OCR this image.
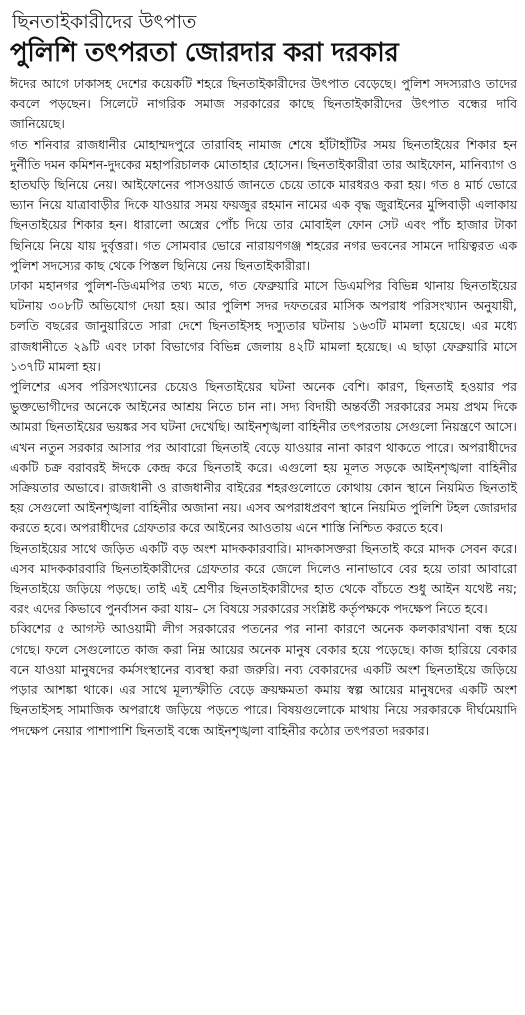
ছিনতাইকারীদের উৎপাত
পুলিশি তৎপরতা জোরদার করা দরকার

ঈদের আগে ঢাকাসহ দেশের কয়েকটি শহরে ছিনতাইকারীদের উৎপাত বেড়েছে। পুলিশ সদস্যরাও তাদের কবলে পড়ছেন। সিলেটে নাগরিক সমাজ সরকারের কাছে ছিনতাইকারীদের উৎপাত বন্ধের দাবি জানিয়েছে।

গত শনিবার রাজধানীর মোহাম্মদপুরে তারাবিহ নামাজ শেষে হাঁটাহাঁটির সময় ছিনতাইয়ের শিকার হন দুর্নীতি দমন কমিশন-দুদকের মহাপরিচালক মোতাহার হোসেন। ছিনতাইকারীরা তার আইফোন, মানিব্যাগ ও হাতঘড়ি ছিনিয়ে নেয়। আইফোনের পাসওয়ার্ড জানতে চেয়ে তাকে মারধরও করা হয়। গত ৪ মার্চ ভোরে ভ্যান নিয়ে যাত্রাবাড়ীর দিকে যাওয়ার সময় ফয়জুর রহমান নামের এক বৃদ্ধ জুরাইনের মুন্সিবাড়ী এলাকায় ছিনতাইয়ের শিকার হন। ধারালো অস্ত্রের পোঁচ দিয়ে তার মোবাইল ফোন সেট এবং পাঁচ হাজার টাকা ছিনিয়ে নিয়ে যায় দুর্বৃত্তরা। গত সোমবার ভোরে নারায়ণগঞ্জ শহরের নগর ভবনের সামনে দায়িত্বরত এক পুলিশ সদস্যের কাছ থেকে পিস্তল ছিনিয়ে নেয় ছিনতাইকারীরা।

ঢাকা মহানগর পুলিশ-ডিএমপির তথ্য মতে, গত ফেব্রুয়ারি মাসে ডিএমপির বিভিন্ন থানায় ছিনতাইয়ের ঘটনায় ৩০৮টি অভিযোগ দেয়া হয়। আর পুলিশ সদর দফতরের মাসিক অপরাধ পরিসংখ্যান অনুযায়ী, চলতি বছরের জানুয়ারিতে সারা দেশে ছিনতাইসহ দস্যুতার ঘটনায় ১৬৩টি মামলা হয়েছে। এর মধ্যে রাজধানীতে ২৯টি এবং ঢাকা বিভাগের বিভিন্ন জেলায় ৪২টি মামলা হয়েছে। এ ছাড়া ফেব্রুয়ারি মাসে ১৩৭টি মামলা হয়।

পুলিশের এসব পরিসংখ্যানের চেয়েও ছিনতাইয়ের ঘটনা অনেক বেশি। কারণ, ছিনতাই হওয়ার পর ভুক্তভোগীদের অনেকে আইনের আশ্রয় নিতে চান না। সদ্য বিদায়ী অন্তর্বর্তী সরকারের সময় প্রথম দিকে আমরা ছিনতাইয়ের ভয়ঙ্কর সব ঘটনা দেখেছি। আইনশৃঙ্খলা বাহিনীর তৎপরতায় সেগুলো নিয়ন্ত্রণে আসে।

এখন নতুন সরকার আসার পর আবারো ছিনতাই বেড়ে যাওয়ার নানা কারণ থাকতে পারে। অপরাধীদের একটি চক্র বরাবরই ঈদকে কেন্দ্র করে ছিনতাই করে। এগুলো হয় মূলত সড়কে আইনশৃঙ্খলা বাহিনীর সক্রিয়তার অভাবে। রাজধানী ও রাজধানীর বাইরের শহরগুলোতে কোথায় কোন স্থানে নিয়মিত ছিনতাই হয় সেগুলো আইনশৃঙ্খলা বাহিনীর অজানা নয়। এসব অপরাধপ্রবণ স্থানে নিয়মিত পুলিশি টহল জোরদার করতে হবে। অপরাধীদের গ্রেফতার করে আইনের আওতায় এনে শাস্তি নিশ্চিত করতে হবে।

ছিনতাইয়ের সাথে জড়িত একটি বড় অংশ মাদককারবারি। মাদকাসক্তরা ছিনতাই করে মাদক সেবন করে। এসব মাদককারবারি ছিনতাইকারীদের গ্রেফতার করে জেলে দিলেও নানাভাবে বের হয়ে তারা আবারো ছিনতাইয়ে জড়িয়ে পড়ছে। তাই এই শ্রেণীর ছিনতাইকারীদের হাত থেকে বাঁচতে শুধু আইন যথেষ্ট নয়; বরং এদের কিভাবে পুনর্বাসন করা যায়– সে বিষয়ে সরকারের সংশ্লিষ্ট কর্তৃপক্ষকে পদক্ষেপ নিতে হবে।

চব্বিশের ৫ আগস্ট আওয়ামী লীগ সরকারের পতনের পর নানা কারণে অনেক কলকারখানা বন্ধ হয়ে গেছে। ফলে সেগুলোতে কাজ করা নিম্ন আয়ের অনেক মানুষ বেকার হয়ে পড়েছে। কাজ হারিয়ে বেকার বনে যাওয়া মানুষদের কর্মসংস্থানের ব্যবস্থা করা জরুরি। নব্য বেকারদের একটি অংশ ছিনতাইয়ে জড়িয়ে পড়ার আশঙ্কা থাকে। এর সাথে মূল্যস্ফীতি বেড়ে ক্রয়ক্ষমতা কমায় স্বল্প আয়ের মানুষদের একটি অংশ ছিনতাইসহ সামাজিক অপরাধে জড়িয়ে পড়তে পারে। বিষয়গুলোকে মাথায় নিয়ে সরকারকে দীর্ঘমেয়াদি পদক্ষেপ নেয়ার পাশাপাশি ছিনতাই বন্ধে আইনশৃঙ্খলা বাহিনীর কঠোর তৎপরতা দরকার।
